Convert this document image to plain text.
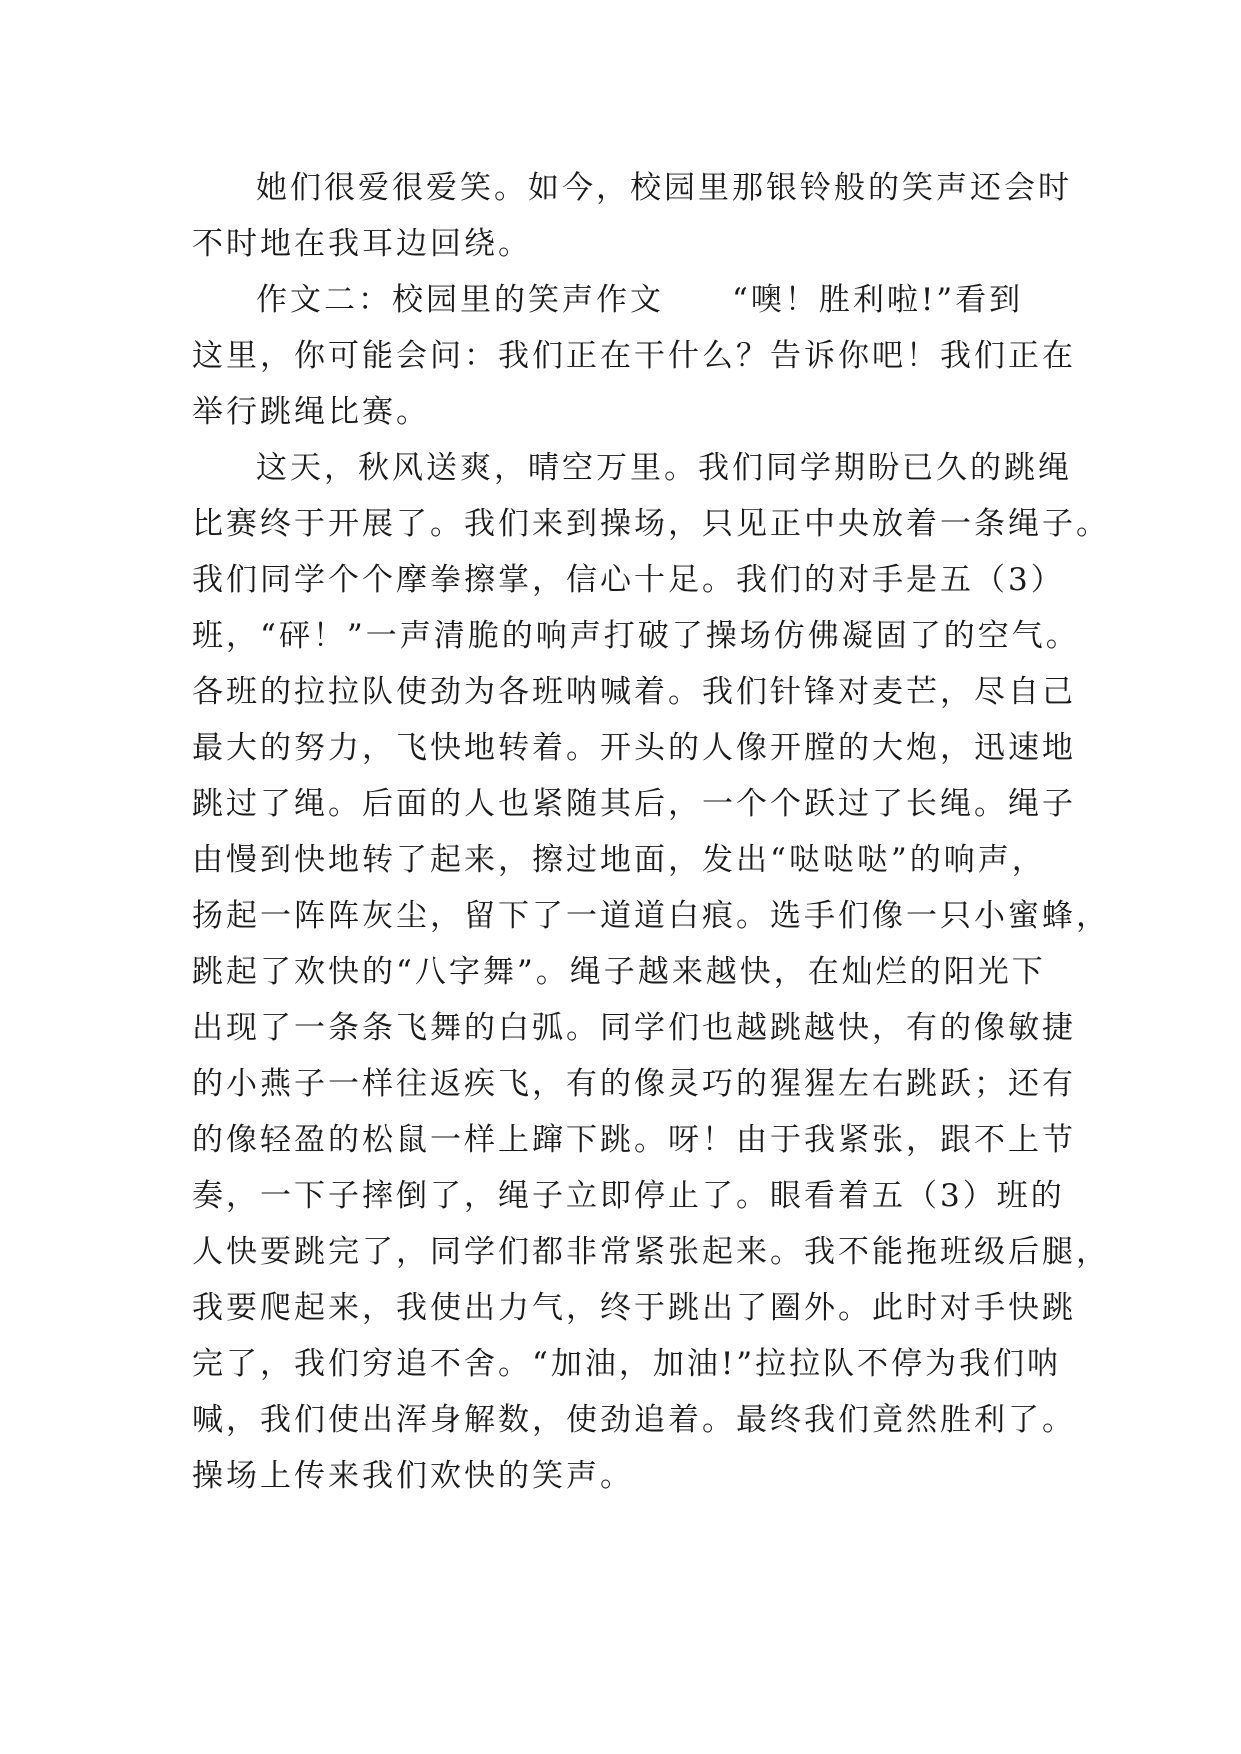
她们很爱很爱笑。如今，校园里那银铃般的笑声还会时
不时地在我耳边回绕。
作文二：校园里的笑声作文　　“噢！胜利啦!”看到
这里，你可能会问：我们正在干什么？告诉你吧！我们正在
举行跳绳比赛。
这天，秋风送爽，晴空万里。我们同学期盼已久的跳绳
比赛终于开展了。我们来到操场，只见正中央放着一条绳子。
我们同学个个摩拳擦掌，信心十足。我们的对手是五（3）
班，“砰！”一声清脆的响声打破了操场仿佛凝固了的空气。
各班的拉拉队使劲为各班呐喊着。我们针锋对麦芒，尽自己
最大的努力，飞快地转着。开头的人像开膛的大炮，迅速地
跳过了绳。后面的人也紧随其后，一个个跃过了长绳。绳子
由慢到快地转了起来，擦过地面，发出“哒哒哒”的响声，
扬起一阵阵灰尘，留下了一道道白痕。选手们像一只小蜜蜂，
跳起了欢快的“八字舞”。绳子越来越快，在灿烂的阳光下
出现了一条条飞舞的白弧。同学们也越跳越快，有的像敏捷
的小燕子一样往返疾飞，有的像灵巧的猩猩左右跳跃；还有
的像轻盈的松鼠一样上蹿下跳。呀！由于我紧张，跟不上节
奏，一下子摔倒了，绳子立即停止了。眼看着五（3）班的
人快要跳完了，同学们都非常紧张起来。我不能拖班级后腿，
我要爬起来，我使出力气，终于跳出了圈外。此时对手快跳
完了，我们穷追不舍。“加油，加油!”拉拉队不停为我们呐
喊，我们使出浑身解数，使劲追着。最终我们竟然胜利了。
操场上传来我们欢快的笑声。
